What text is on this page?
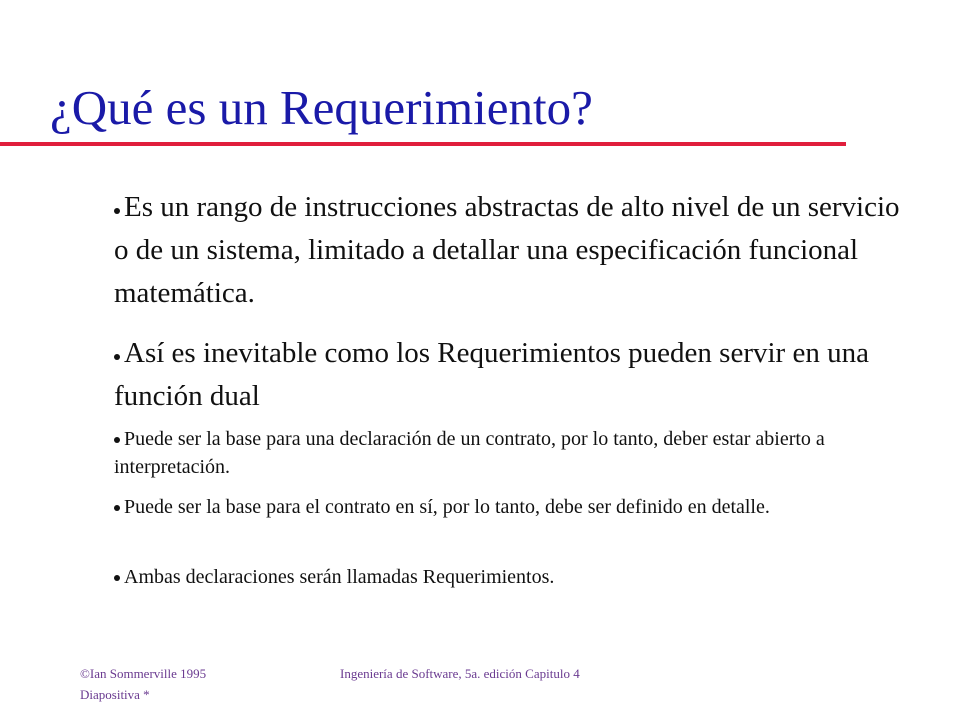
¿Qué es un Requerimiento?
Es un rango de instrucciones abstractas de alto nivel de un servicio o de un sistema, limitado a detallar una especificación funcional matemática.
Así es inevitable como los Requerimientos pueden servir en una función dual
Puede ser la base para una declaración de un contrato, por lo tanto, deber estar abierto a interpretación.
Puede ser la base para el contrato en sí, por lo tanto, debe ser definido en detalle.
Ambas declaraciones serán llamadas Requerimientos.
©Ian Sommerville 1995
Diapositiva *
Ingeniería de Software, 5a. edición Capitulo 4
